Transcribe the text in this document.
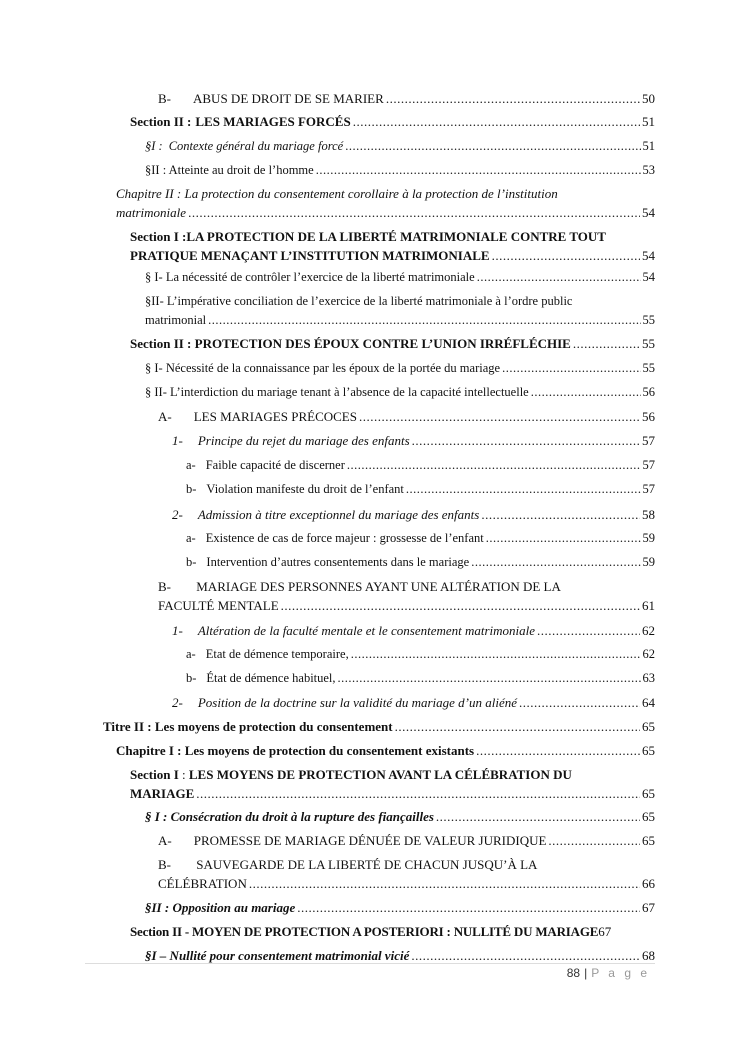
B- ABUS DE DROIT DE SE MARIER .....	50
Section II : LES MARIAGES FORCÉS .....	51
§I : Contexte général du mariage forcé .....	51
§II : Atteinte au droit de l’homme .....	53
Chapitre II : La protection du consentement corollaire à la protection de l’institution
matrimoniale .....	54
Section I :LA PROTECTION DE LA LIBERTÉ MATRIMONIALE CONTRE TOUT
PRATIQUE MENAÇANT L’INSTITUTION MATRIMONIALE .....	54
§ I- La nécessité de contrôler l’exercice de la liberté matrimoniale .....	54
§II- L’impérative conciliation de l’exercice de la liberté matrimoniale à l’ordre public
matrimonial .....	55
Section II : PROTECTION DES ÉPOUX CONTRE L’UNION IRRÉFLÉCHIE .....	55
§ I- Nécessité de la connaissance par les époux de la portée du mariage .....	55
§ II- L’interdiction du mariage tenant à l’absence de la capacité intellectuelle .....	56
A- LES MARIAGES PRÉCOCES .....	56
1- Principe du rejet du mariage des enfants .....	57
a- Faible capacité de discerner .....	57
b- Violation manifeste du droit de l’enfant .....	57
2- Admission à titre exceptionnel du mariage des enfants .....	58
a- Existence de cas de force majeur : grossesse de l’enfant .....	59
b- Intervention d’autres consentements dans le mariage .....	59
B- MARIAGE DES PERSONNES AYANT UNE ALTÉRATION DE LA
FACULTÉ MENTALE .....	61
1- Altération de la faculté mentale et le consentement matrimoniale .....	62
a- Etat de démence temporaire, .....	62
b- État de démence habituel, .....	63
2- Position de la doctrine sur la validité du mariage d’un aliéné .....	64
Titre II : Les moyens de protection du consentement .....	65
Chapitre I : Les moyens de protection du consentement existants .....	65
Section I : LES MOYENS DE PROTECTION AVANT LA CÉLÉBRATION DU
MARIAGE .....	65
§ I : Consécration du droit à la rupture des fiançailles .....	65
A- PROMESSE DE MARIAGE DÉNUÉE DE VALEUR JURIDIQUE .....	65
B- SAUVEGARDE DE LA LIBERTÉ DE CHACUN JUSQU’À LA
CÉLÉBRATION .....	66
§II : Opposition au mariage .....	67
Section II - MOYEN DE PROTECTION A POSTERIORI : NULLITÉ DU MARIAGE 67
§I – Nullité pour consentement matrimonial vicié .....	68
88 | P a g e
